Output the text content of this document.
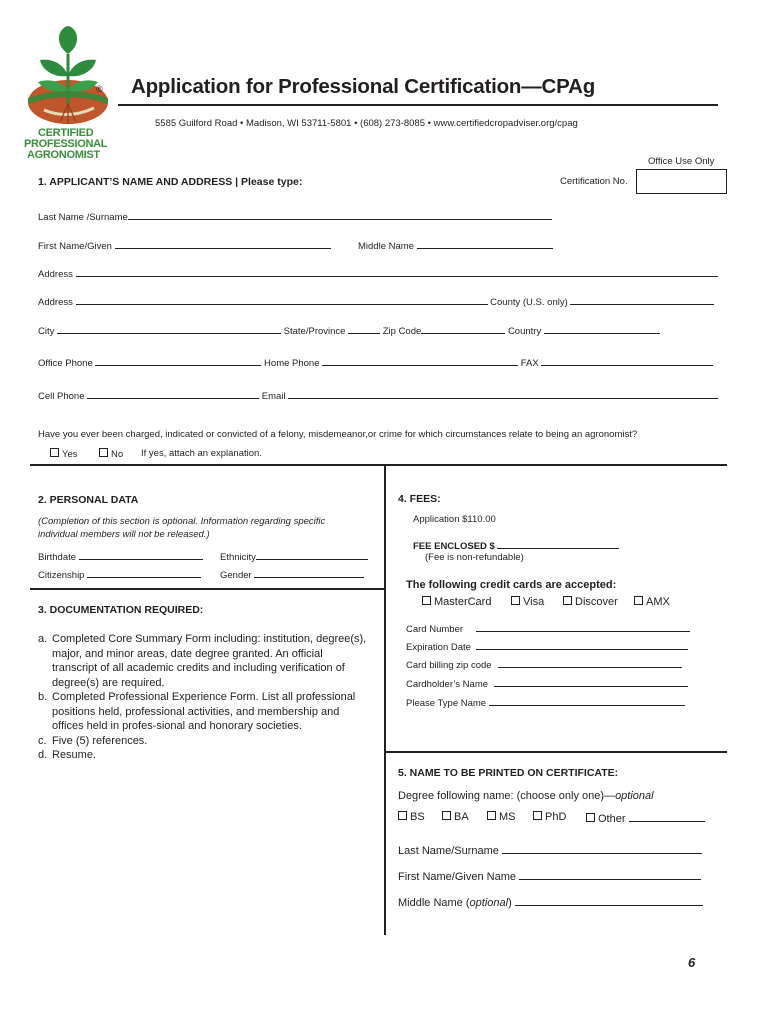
®
CERTIFIED
PROFESSIONAL
AGRONOMIST
Application for Professional Certification—CPAg
5585 Guilford Road • Madison, WI 53711-5801 • (608) 273-8085 • www.certifiedcropadviser.org/cpag
Office Use Only
Certification No.
1. APPLICANT’S NAME AND ADDRESS | Please type:
Last Name /Surname
First Name/Given	Middle Name
Address
Address	County (U.S. only)
City	State/Province	Zip Code	Country
Office Phone	Home Phone	FAX
Cell Phone	Email
Have you ever been charged, indicated or convicted of a felony, misdemeanor,or crime for which circumstances relate to being an agronomist?
Yes	No If yes, attach an explanation.
2. PERSONAL DATA
(Completion of this section is optional. Information regarding specific
individual members will not be released.)
Birthdate	Ethnicity
Citizenship	Gender
3. DOCUMENTATION REQUIRED:
a. Completed Core Summary Form including: institution, degree(s), major, and minor areas, date degree granted. An official transcript of all academic credits and including verification of degree(s) are required.
b. Completed Professional Experience Form. List all professional positions held, professional activities, and membership and offices held in profes-sional and honorary societies.
c. Five (5) references.
d. Resume.
4. FEES:
Application $110.00
FEE ENCLOSED $
(Fee is non-refundable)
The following credit cards are accepted:
MasterCard	Visa	Discover	AMX
Card Number
Expiration Date
Card billing zip code
Cardholder’s Name
Please Type Name
5. NAME TO BE PRINTED ON CERTIFICATE:
Degree following name: (choose only one)—optional
BS	BA	MS	PhD	Other
Last Name/Surname
First Name/Given Name
Middle Name (optional)
6
